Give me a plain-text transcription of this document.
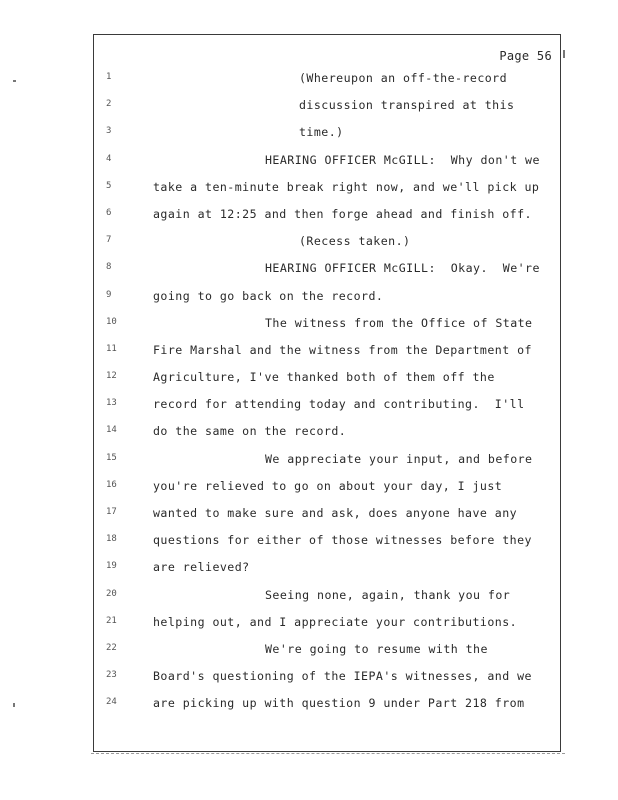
Page 56
1	(Whereupon an off-the-record
2	discussion transpired at this
3	time.)
4	HEARING OFFICER McGILL:  Why don't we
5	take a ten-minute break right now, and we'll pick up
6	again at 12:25 and then forge ahead and finish off.
7	(Recess taken.)
8	HEARING OFFICER McGILL:  Okay.  We're
9	going to go back on the record.
10	The witness from the Office of State
11	Fire Marshal and the witness from the Department of
12	Agriculture, I've thanked both of them off the
13	record for attending today and contributing.  I'll
14	do the same on the record.
15	We appreciate your input, and before
16	you're relieved to go on about your day, I just
17	wanted to make sure and ask, does anyone have any
18	questions for either of those witnesses before they
19	are relieved?
20	Seeing none, again, thank you for
21	helping out, and I appreciate your contributions.
22	We're going to resume with the
23	Board's questioning of the IEPA's witnesses, and we
24	are picking up with question 9 under Part 218 from
